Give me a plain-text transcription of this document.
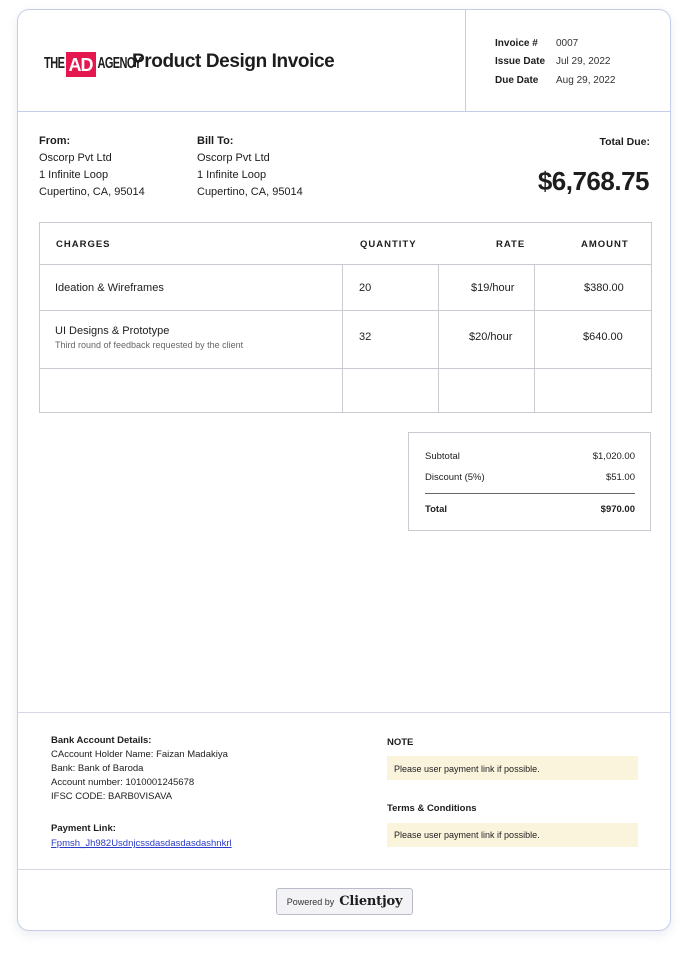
THE AD AGENCY
Product Design Invoice
Invoice #	0007
Issue Date	Jul 29, 2022
Due Date	Aug 29, 2022
From:
Oscorp Pvt Ltd
1 Infinite Loop
Cupertino, CA, 95014
Bill To:
Oscorp Pvt Ltd
1 Infinite Loop
Cupertino, CA, 95014
Total Due:
$6,768.75
CHARGES	QUANTITY	RATE	AMOUNT
Ideation & Wireframes	20	$19/hour	$380.00
UI Designs & Prototype
Third round of feedback requested by the client
32	$20/hour	$640.00
Subtotal	$1,020.00
Discount (5%)	$51.00
Total	$970.00
Bank Account Details:
CAccount Holder Name: Faizan Madakiya
Bank: Bank of Baroda
Account number: 1010001245678
IFSC CODE: BARB0VISAVA
Payment Link:
Fpmsh_Jh982Usdnjcssdasdasdasdashnkrl
NOTE
Please user payment link if possible.
Terms & Conditions
Please user payment link if possible.
Powered by Clientjoy
